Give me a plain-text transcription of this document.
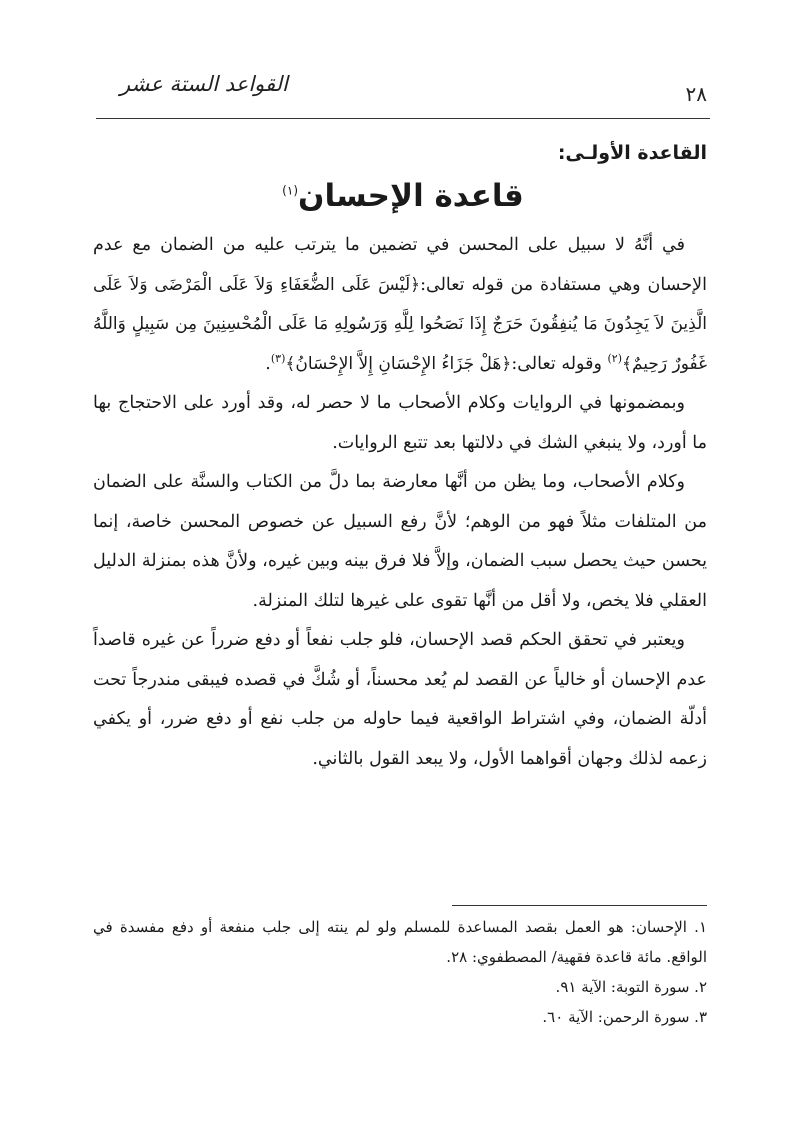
القواعد الستة عشر	٢٨
القاعدة الأولـى:
قاعدة الإحسان$^{(١)}$

في أنَّهُ لا سبيل على المحسن في تضمين ما يترتب عليه من الضمان مع عدم الإحسان وهي مستفادة من قوله تعالى:﴿لَيْسَ عَلَى الضُّعَفَاءِ وَلاَ عَلَى الْمَرْضَى وَلاَ عَلَى الَّذِينَ لاَ يَجِدُونَ مَا يُنفِقُونَ حَرَجٌ إِذَا نَصَحُوا لِلَّهِ وَرَسُولِهِ مَا عَلَى الْمُحْسِنِينَ مِن سَبِيلٍ وَاللَّهُ غَفُورٌ رَحِيمٌ﴾$^{(٢)}$ وقوله تعالى:﴿هَلْ جَزَاءُ الإِحْسَانِ إِلاَّ الإِحْسَانُ﴾$^{(٣)}$.

وبمضمونها في الروايات وكلام الأصحاب ما لا حصر له، وقد أورد على الاحتجاج بها ما أورد، ولا ينبغي الشك في دلالتها بعد تتبع الروايات.

وكلام الأصحاب، وما يظن من أنَّها معارضة بما دلَّ من الكتاب والسنَّة على الضمان من المتلفات مثلاً فهو من الوهم؛ لأنَّ رفع السبيل عن خصوص المحسن خاصة، إنما يحسن حيث يحصل سبب الضمان، وإلاَّ فلا فرق بينه وبين غيره، ولأنَّ هذه بمنزلة الدليل العقلي فلا يخص، ولا أقل من أنَّها تقوى على غيرها لتلك المنزلة.

ويعتبر في تحقق الحكم قصد الإحسان، فلو جلب نفعاً أو دفع ضرراً عن غيره قاصداً عدم الإحسان أو خالياً عن القصد لم يُعد محسناً، أو شُكَّ في قصده فيبقى مندرجاً تحت أدلّة الضمان، وفي اشتراط الواقعية فيما حاوله من جلب نفع أو دفع ضرر، أو يكفي زعمه لذلك وجهان أقواهما الأول، ولا يبعد القول بالثاني.

١. الإحسان: هو العمل بقصد المساعدة للمسلم ولو لم ينته إلى جلب منفعة أو دفع مفسدة في الواقع. مائة قاعدة فقهية/ المصطفوي: ٢٨.

٢. سورة التوبة: الآية ٩١.

٣. سورة الرحمن: الآية ٦٠.
